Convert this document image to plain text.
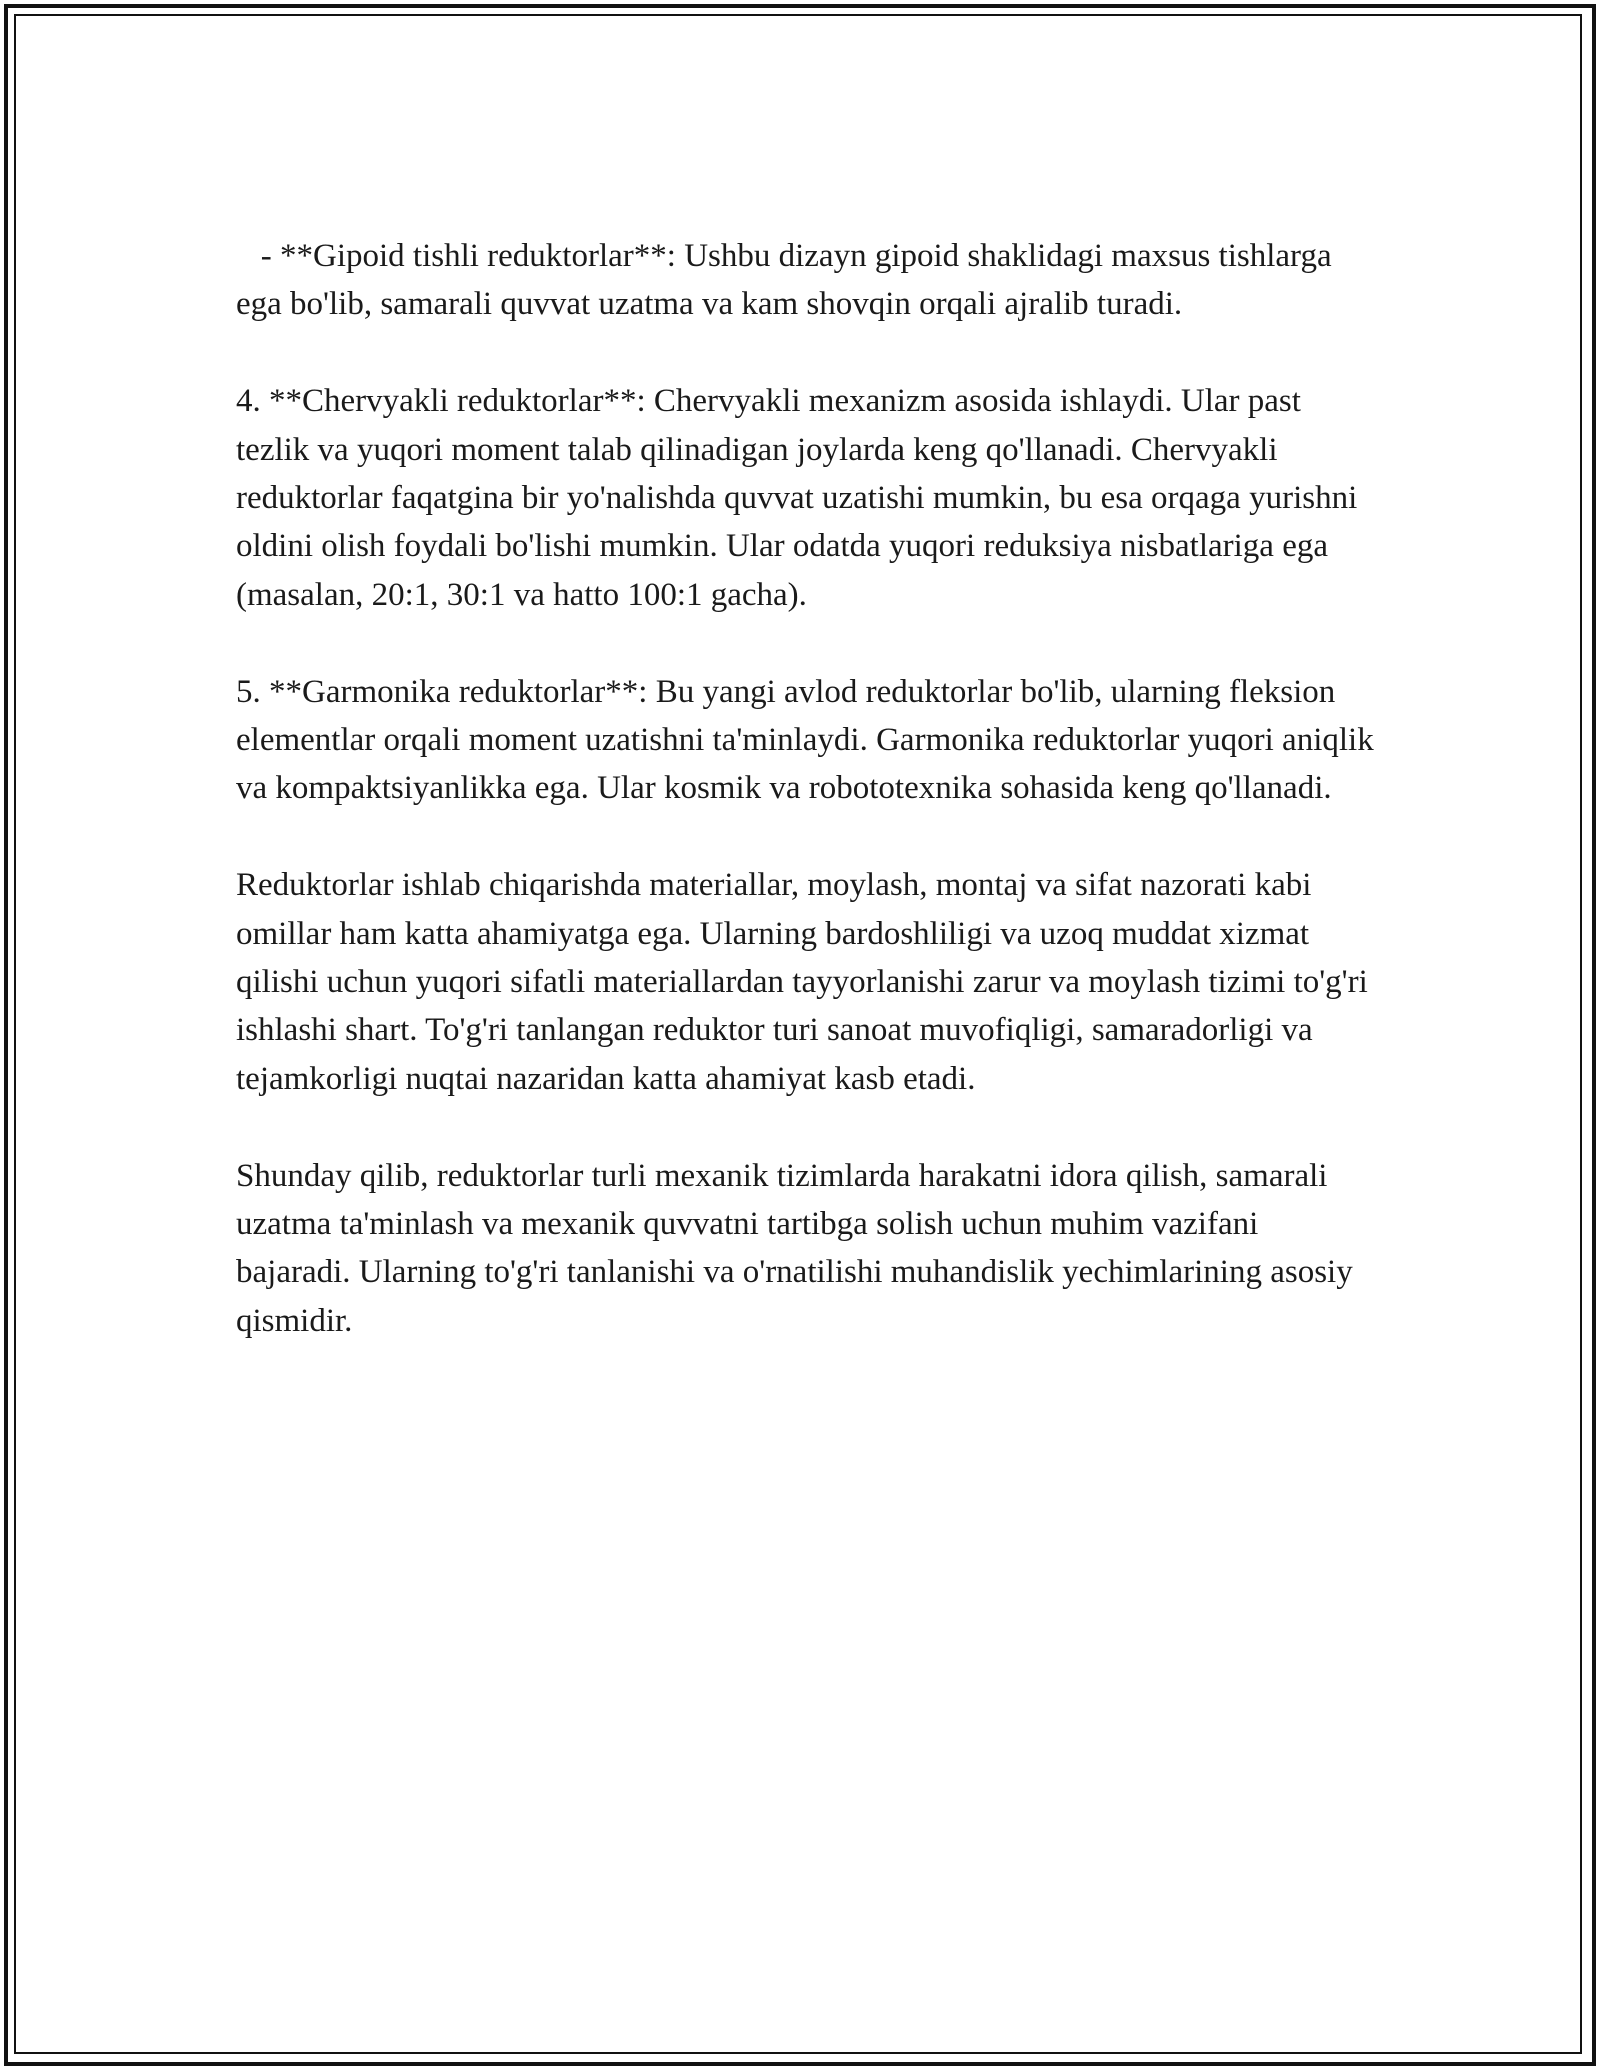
- **Gipoid tishli reduktorlar**: Ushbu dizayn gipoid shaklidagi maxsus tishlarga ega bo'lib, samarali quvvat uzatma va kam shovqin orqali ajralib turadi.

4. **Chervyakli reduktorlar**: Chervyakli mexanizm asosida ishlaydi. Ular past tezlik va yuqori moment talab qilinadigan joylarda keng qo'llanadi. Chervyakli reduktorlar faqatgina bir yo'nalishda quvvat uzatishi mumkin, bu esa orqaga yurishni oldini olish foydali bo'lishi mumkin. Ular odatda yuqori reduksiya nisbatlariga ega (masalan, 20:1, 30:1 va hatto 100:1 gacha).

5. **Garmonika reduktorlar**: Bu yangi avlod reduktorlar bo'lib, ularning fleksion elementlar orqali moment uzatishni ta'minlaydi. Garmonika reduktorlar yuqori aniqlik va kompaktsiyanlikka ega. Ular kosmik va robototexnika sohasida keng qo'llanadi.

Reduktorlar ishlab chiqarishda materiallar, moylash, montaj va sifat nazorati kabi omillar ham katta ahamiyatga ega. Ularning bardoshliligi va uzoq muddat xizmat qilishi uchun yuqori sifatli materiallardan tayyorlanishi zarur va moylash tizimi to'g'ri ishlashi shart. To'g'ri tanlangan reduktor turi sanoat muvofiqligi, samaradorligi va tejamkorligi nuqtai nazaridan katta ahamiyat kasb etadi.

Shunday qilib, reduktorlar turli mexanik tizimlarda harakatni idora qilish, samarali uzatma ta'minlash va mexanik quvvatni tartibga solish uchun muhim vazifani bajaradi. Ularning to'g'ri tanlanishi va o'rnatilishi muhandislik yechimlarining asosiy qismidir.
